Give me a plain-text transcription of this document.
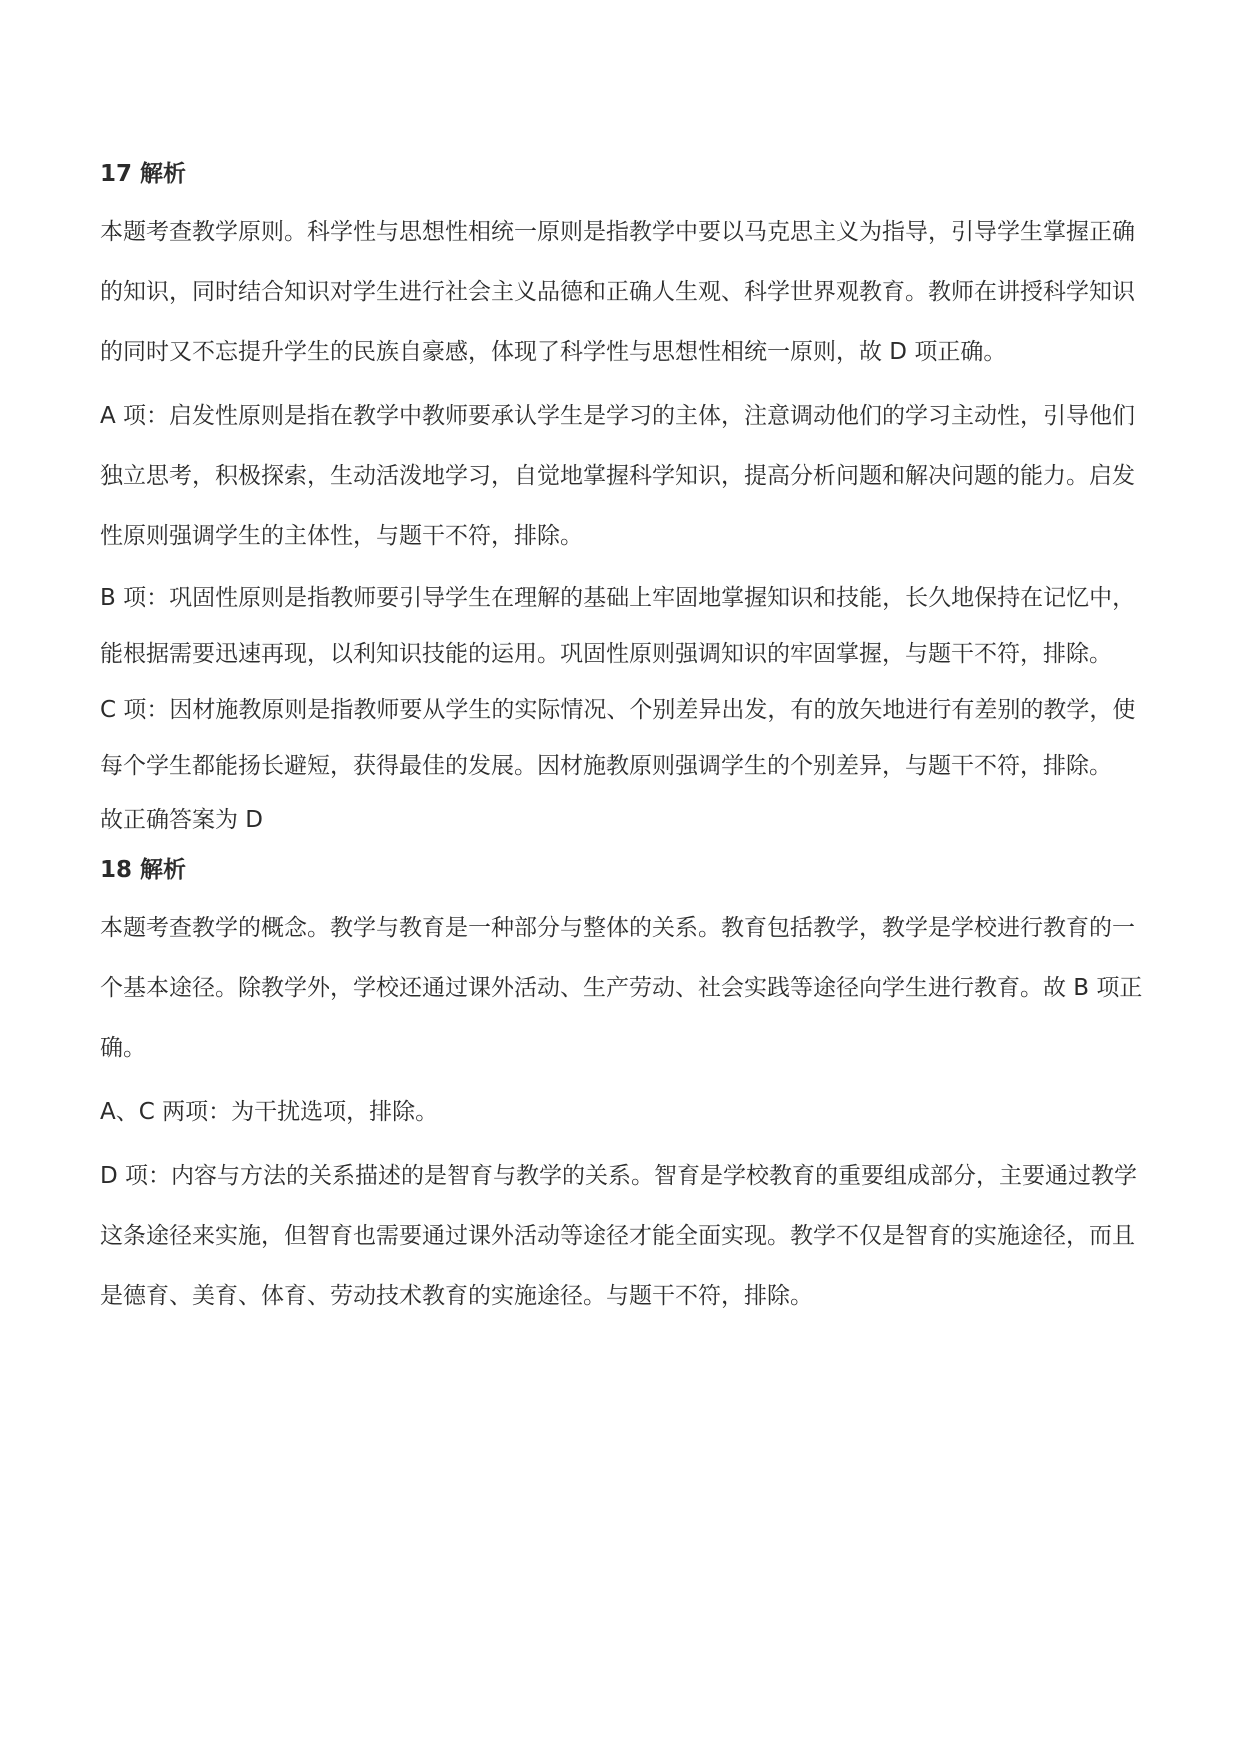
17 解析

本题考查教学原则。科学性与思想性相统一原则是指教学中要以马克思主义为指导，引导学生掌握正确的知识，同时结合知识对学生进行社会主义品德和正确人生观、科学世界观教育。教师在讲授科学知识的同时又不忘提升学生的民族自豪感，体现了科学性与思想性相统一原则，故 D 项正确。

A 项：启发性原则是指在教学中教师要承认学生是学习的主体，注意调动他们的学习主动性，引导他们独立思考，积极探索，生动活泼地学习，自觉地掌握科学知识，提高分析问题和解决问题的能力。启发性原则强调学生的主体性，与题干不符，排除。

B 项：巩固性原则是指教师要引导学生在理解的基础上牢固地掌握知识和技能，长久地保持在记忆中，能根据需要迅速再现，以利知识技能的运用。巩固性原则强调知识的牢固掌握，与题干不符，排除。

C 项：因材施教原则是指教师要从学生的实际情况、个别差异出发，有的放矢地进行有差别的教学，使每个学生都能扬长避短，获得最佳的发展。因材施教原则强调学生的个别差异，与题干不符，排除。

故正确答案为 D

18 解析

本题考查教学的概念。教学与教育是一种部分与整体的关系。教育包括教学，教学是学校进行教育的一个基本途径。除教学外，学校还通过课外活动、生产劳动、社会实践等途径向学生进行教育。故 B 项正确。

A、C 两项：为干扰选项，排除。

D 项：内容与方法的关系描述的是智育与教学的关系。智育是学校教育的重要组成部分，主要通过教学这条途径来实施，但智育也需要通过课外活动等途径才能全面实现。教学不仅是智育的实施途径，而且是德育、美育、体育、劳动技术教育的实施途径。与题干不符，排除。
